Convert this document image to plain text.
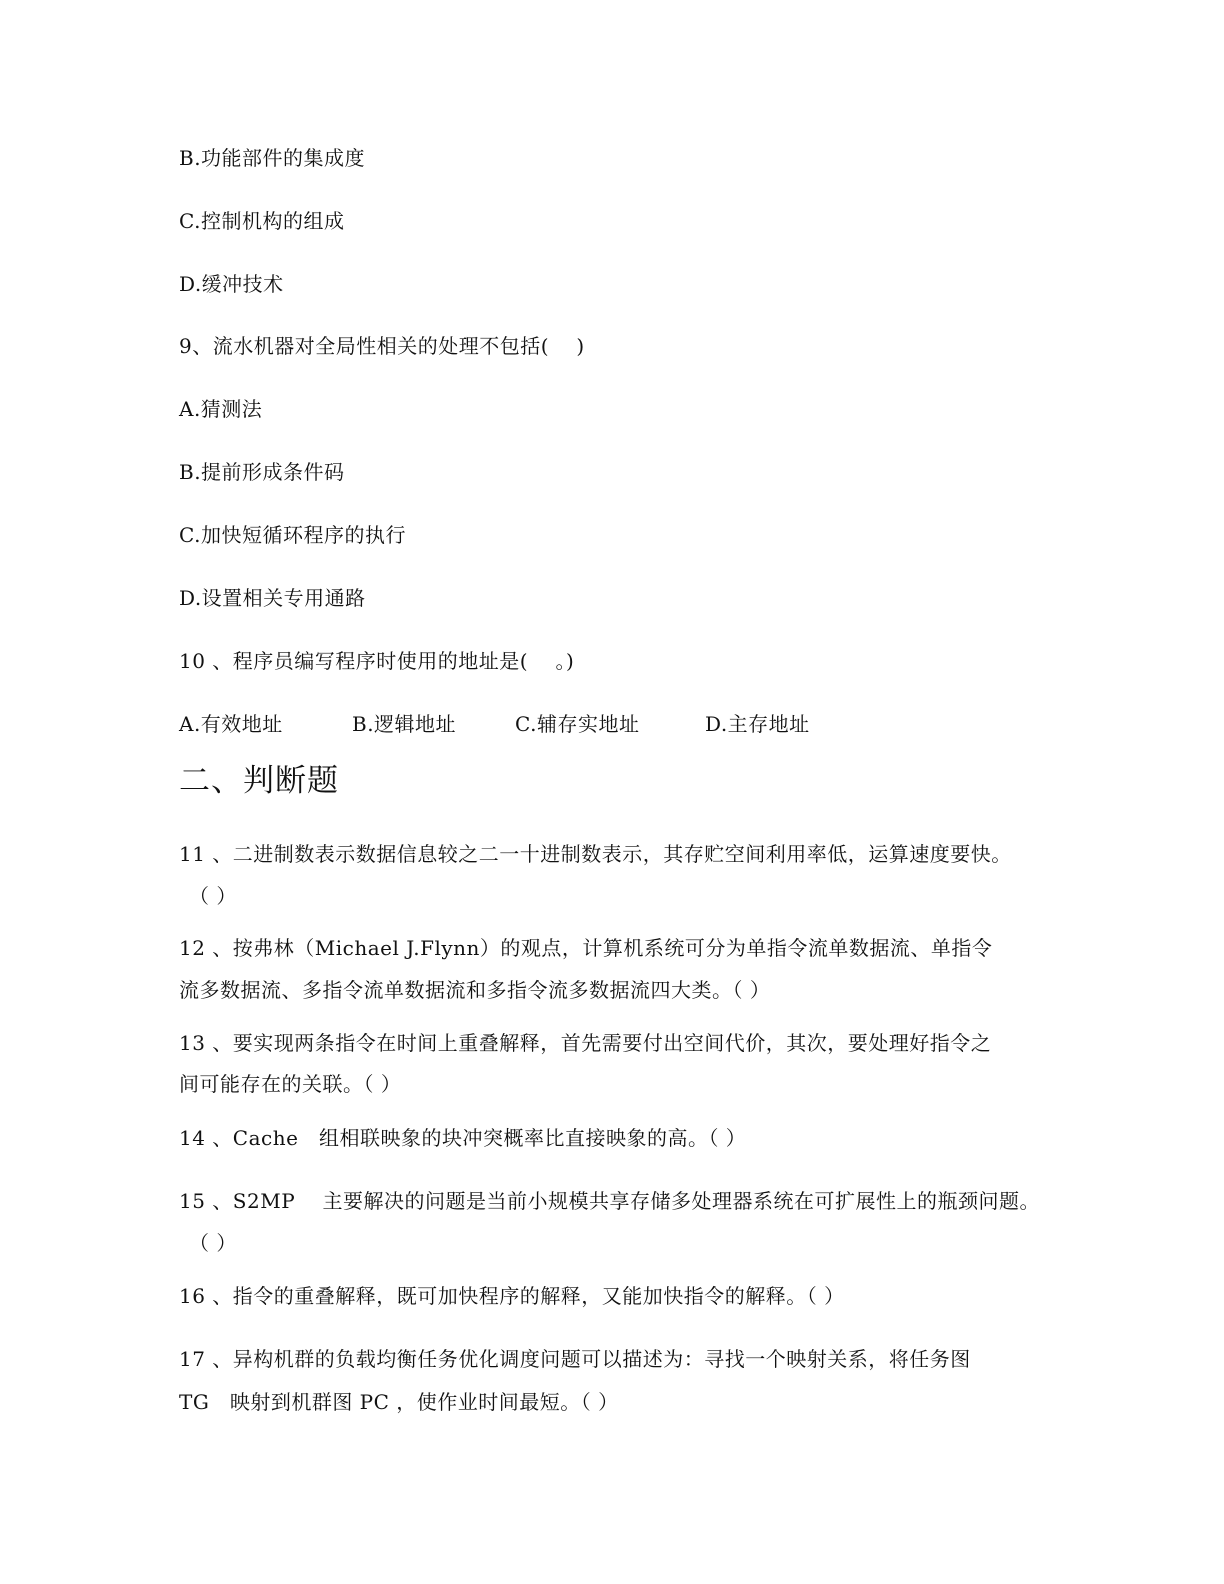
B.功能部件的集成度
C.控制机构的组成
D.缓冲技术
9、流水机器对全局性相关的处理不包括(　 )
A.猜测法
B.提前形成条件码
C.加快短循环程序的执行
D.设置相关专用通路
10 、程序员编写程序时使用的地址是(　 。)
A.有效地址	B.逻辑地址	C.辅存实地址	D.主存地址
二、判断题
11 、二进制数表示数据信息较之二一十进制数表示，其存贮空间利用率低，运算速度要快。
（ ）
12 、按弗林（Michael J.Flynn）的观点，计算机系统可分为单指令流单数据流、单指令
流多数据流、多指令流单数据流和多指令流多数据流四大类。（ ）
13 、要实现两条指令在时间上重叠解释，首先需要付出空间代价，其次，要处理好指令之
间可能存在的关联。（ ）
14 、Cache　组相联映象的块冲突概率比直接映象的高。（ ）
15 、S2MP　 主要解决的问题是当前小规模共享存储多处理器系统在可扩展性上的瓶颈问题。
（ ）
16 、指令的重叠解释，既可加快程序的解释，又能加快指令的解释。（ ）
17 、异构机群的负载均衡任务优化调度问题可以描述为：寻找一个映射关系，将任务图
TG　映射到机群图 PC ，使作业时间最短。（ ）
